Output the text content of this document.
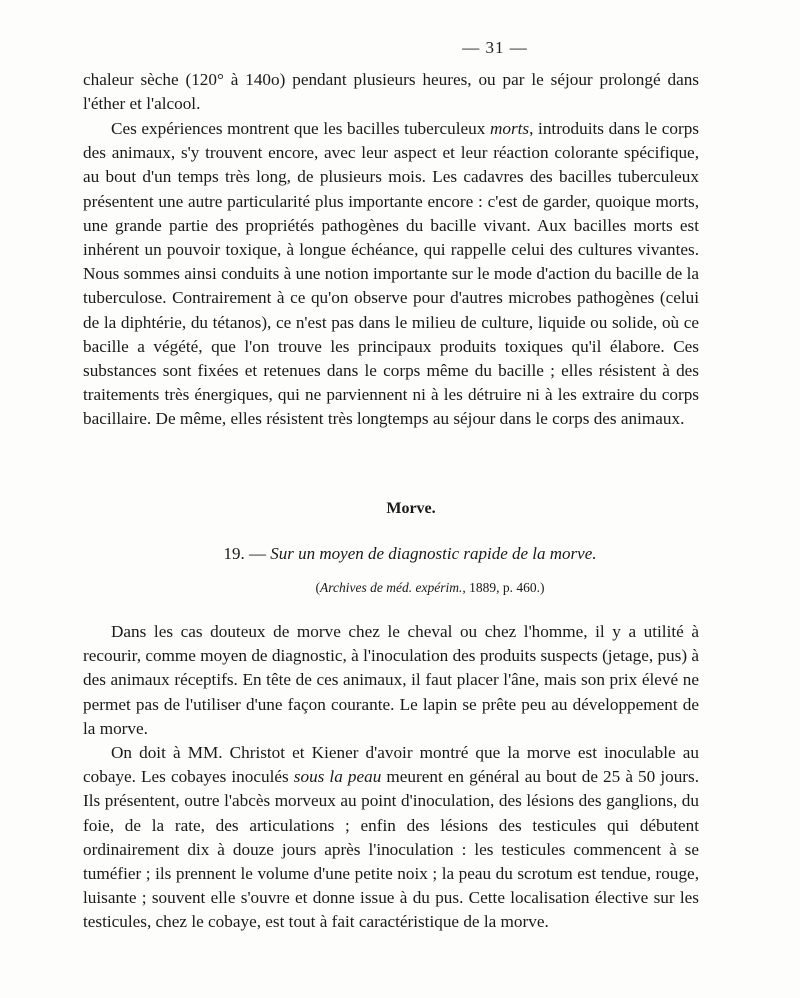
— 31 —

chaleur sèche (120° à 140o) pendant plusieurs heures, ou par le séjour prolongé dans l'éther et l'alcool.

Ces expériences montrent que les bacilles tuberculeux morts, introduits dans le corps des animaux, s'y trouvent encore, avec leur aspect et leur réaction colorante spécifique, au bout d'un temps très long, de plusieurs mois. Les cadavres des bacilles tuberculeux présentent une autre particularité plus importante encore : c'est de garder, quoique morts, une grande partie des propriétés pathogènes du bacille vivant. Aux bacilles morts est inhérent un pouvoir toxique, à longue échéance, qui rappelle celui des cultures vivantes. Nous sommes ainsi conduits à une notion importante sur le mode d'action du bacille de la tuberculose. Contrairement à ce qu'on observe pour d'autres microbes pathogènes (celui de la diphtérie, du tétanos), ce n'est pas dans le milieu de culture, liquide ou solide, où ce bacille a végété, que l'on trouve les principaux produits toxiques qu'il élabore. Ces substances sont fixées et retenues dans le corps même du bacille ; elles résistent à des traitements très énergiques, qui ne parviennent ni à les détruire ni à les extraire du corps bacillaire. De même, elles résistent très longtemps au séjour dans le corps des animaux.

Morve.
19. — Sur un moyen de diagnostic rapide de la morve.
(Archives de méd. expérim., 1889, p. 460.)

Dans les cas douteux de morve chez le cheval ou chez l'homme, il y a utilité à recourir, comme moyen de diagnostic, à l'inoculation des produits suspects (jetage, pus) à des animaux réceptifs. En tête de ces animaux, il faut placer l'âne, mais son prix élevé ne permet pas de l'utiliser d'une façon courante. Le lapin se prête peu au développement de la morve.

On doit à MM. Christot et Kiener d'avoir montré que la morve est inoculable au cobaye. Les cobayes inoculés sous la peau meurent en général au bout de 25 à 50 jours. Ils présentent, outre l'abcès morveux au point d'inoculation, des lésions des ganglions, du foie, de la rate, des articulations ; enfin des lésions des testicules qui débutent ordinairement dix à douze jours après l'inoculation : les testicules commencent à se tuméfier ; ils prennent le volume d'une petite noix ; la peau du scrotum est tendue, rouge, luisante ; souvent elle s'ouvre et donne issue à du pus. Cette localisation élective sur les testicules, chez le cobaye, est tout à fait caractéristique de la morve.
